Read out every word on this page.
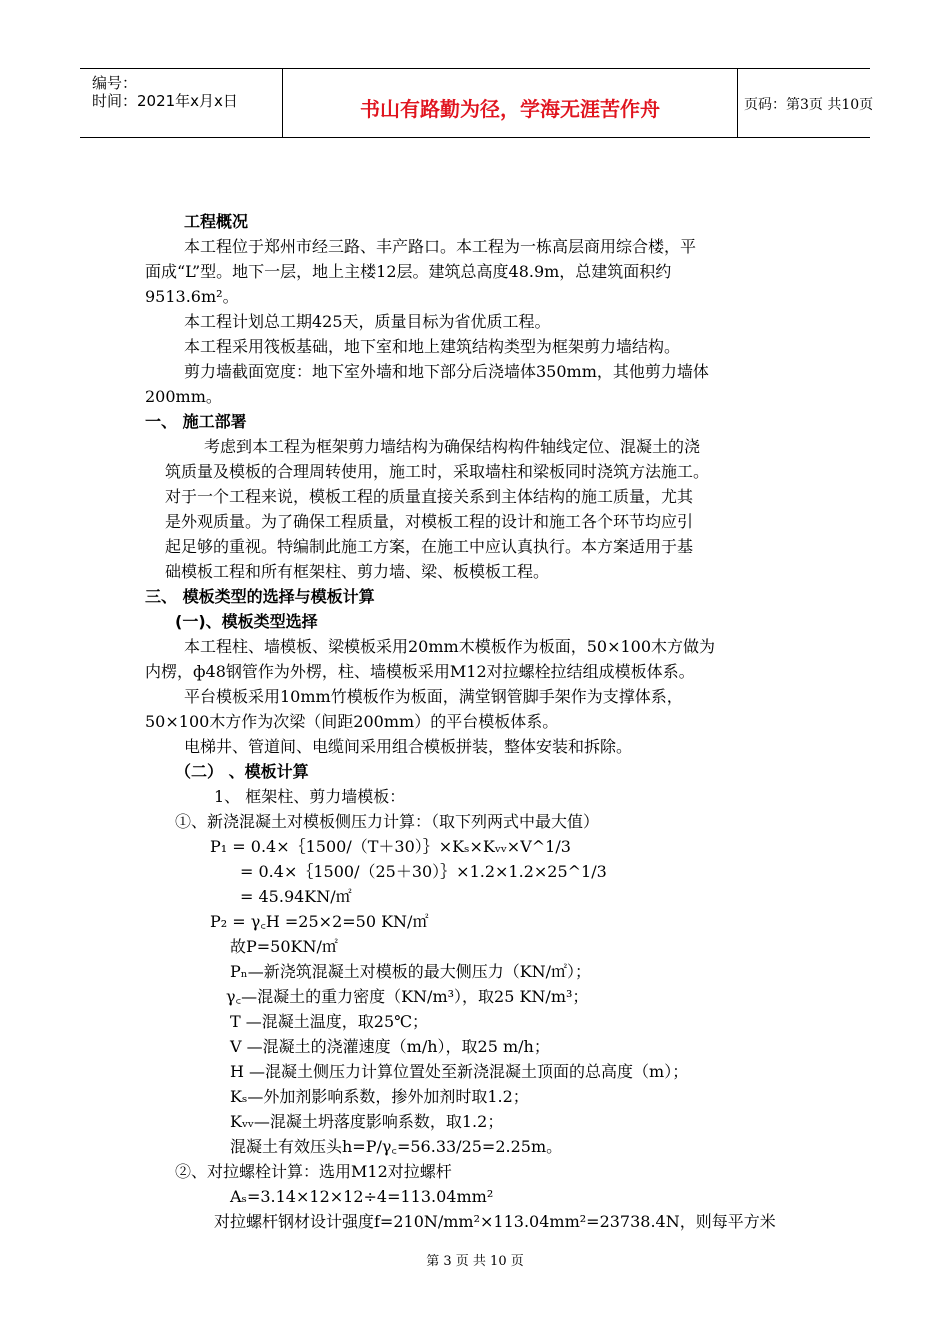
编号：
时间：2021年x月x日	书山有路勤为径，学海无涯苦作舟	页码：第3页 共10页
工程概况
本工程位于郑州市经三路、丰产路口。本工程为一栋高层商用综合楼，平
面成“L”型。地下一层，地上主楼12层。建筑总高度48.9m，总建筑面积约
9513.6m²。
本工程计划总工期425天，质量目标为省优质工程。
本工程采用筏板基础，地下室和地上建筑结构类型为框架剪力墙结构。
剪力墙截面宽度：地下室外墙和地下部分后浇墙体350mm，其他剪力墙体
200mm。
一、 施工部署
考虑到本工程为框架剪力墙结构为确保结构构件轴线定位、混凝土的浇
筑质量及模板的合理周转使用，施工时，采取墙柱和梁板同时浇筑方法施工。
对于一个工程来说，模板工程的质量直接关系到主体结构的施工质量，尤其
是外观质量。为了确保工程质量，对模板工程的设计和施工各个环节均应引
起足够的重视。特编制此施工方案，在施工中应认真执行。本方案适用于基
础模板工程和所有框架柱、剪力墙、梁、板模板工程。
三、 模板类型的选择与模板计算
(一)、模板类型选择
本工程柱、墙模板、梁模板采用20mm木模板作为板面，50×100木方做为
内楞，ф48钢管作为外楞，柱、墙模板采用M12对拉螺栓拉结组成模板体系。
平台模板采用10mm竹模板作为板面，满堂钢管脚手架作为支撑体系，
50×100木方作为次梁（间距200mm）的平台模板体系。
电梯井、管道间、电缆间采用组合模板拼装，整体安装和拆除。
（二） 、模板计算
1、 框架柱、剪力墙模板：
①、新浇混凝土对模板侧压力计算：（取下列两式中最大值）
P₁ = 0.4×｛1500/（T＋30）｝×Kₛ×Kᵥᵥ×V^1/3
= 0.4×｛1500/（25＋30）｝×1.2×1.2×25^1/3
= 45.94KN/㎡
P₂ = γ꜀H =25×2=50 KN/㎡
故P=50KN/㎡
Pₙ—新浇筑混凝土对模板的最大侧压力（KN/㎡）；
γ꜀—混凝土的重力密度（KN/m³），取25 KN/m³；
T —混凝土温度，取25℃；
V —混凝土的浇灌速度（m/h），取25 m/h；
H —混凝土侧压力计算位置处至新浇混凝土顶面的总高度（m）；
Kₛ—外加剂影响系数，掺外加剂时取1.2；
Kᵥᵥ—混凝土坍落度影响系数，取1.2；
混凝土有效压头h=P/γ꜀=56.33/25=2.25m。
②、对拉螺栓计算：选用M12对拉螺杆
Aₛ=3.14×12×12÷4=113.04mm²
对拉螺杆钢材设计强度f=210N/mm²×113.04mm²=23738.4N，则每平方米
第 3 页 共 10 页
